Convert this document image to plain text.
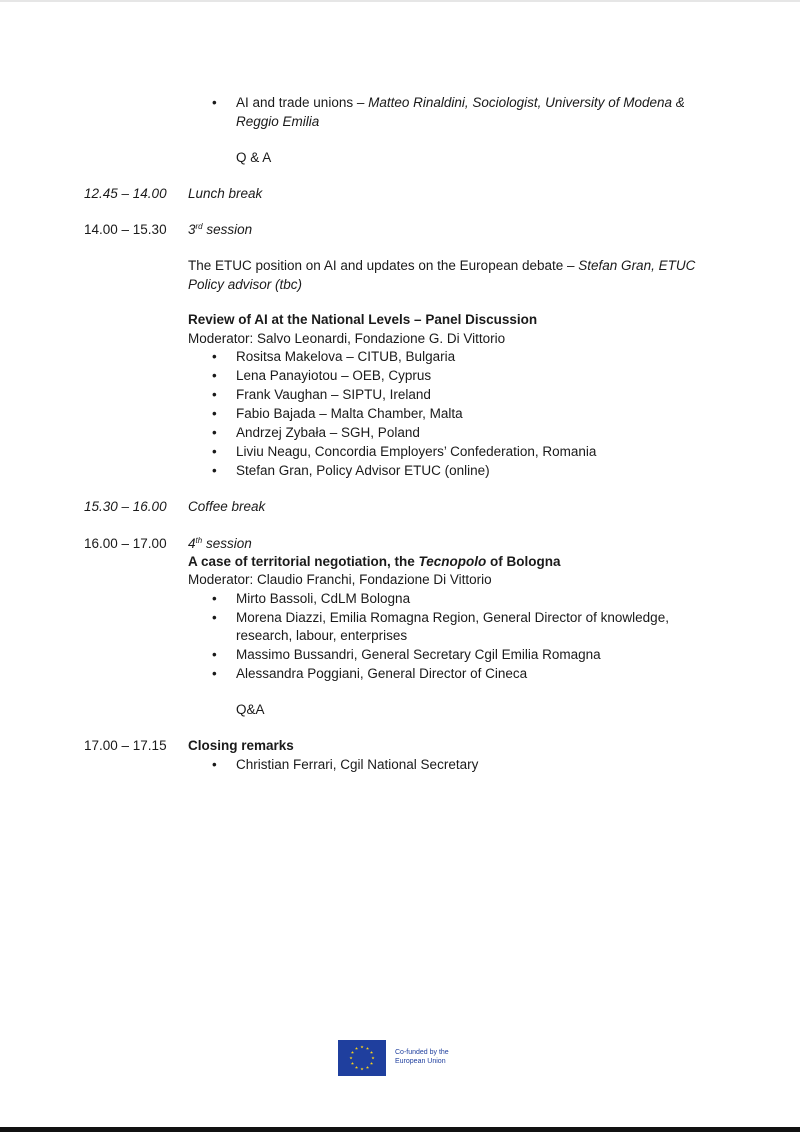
• AI and trade unions – Matteo Rinaldini, Sociologist, University of Modena &
Reggio Emilia
Q & A
12.45 – 14.00 Lunch break
14.00 – 15.30 3rd session
The ETUC position on AI and updates on the European debate – Stefan Gran, ETUC
Policy advisor (tbc)
Review of AI at the National Levels – Panel Discussion
Moderator: Salvo Leonardi, Fondazione G. Di Vittorio
• Rositsa Makelova – CITUB, Bulgaria
• Lena Panayiotou – OEB, Cyprus
• Frank Vaughan – SIPTU, Ireland
• Fabio Bajada – Malta Chamber, Malta
• Andrzej Zybała – SGH, Poland
• Liviu Neagu, Concordia Employers’ Confederation, Romania
• Stefan Gran, Policy Advisor ETUC (online)
15.30 – 16.00 Coffee break
16.00 – 17.00 4th session
A case of territorial negotiation, the Tecnopolo of Bologna
Moderator: Claudio Franchi, Fondazione Di Vittorio
• Mirto Bassoli, CdLM Bologna
• Morena Diazzi, Emilia Romagna Region, General Director of knowledge,
• Massimo Bussandri, General Secretary Cgil Emilia Romagna
• Alessandra Poggiani, General Director of Cineca
research, labour, enterprises
Q&A
17.00 – 17.15 Closing remarks
• Christian Ferrari, Cgil National Secretary
Co-funded by the
European Union
